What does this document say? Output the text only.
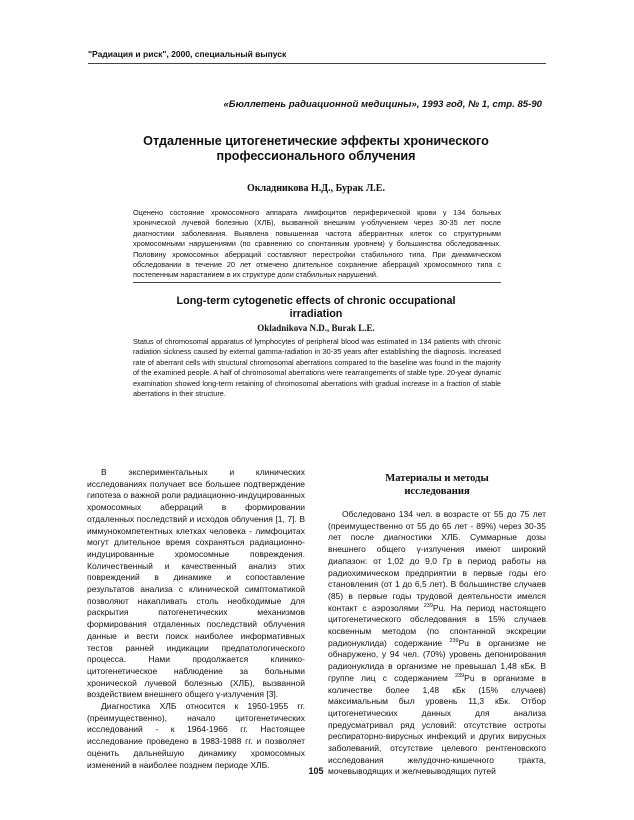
"Радиация и риск", 2000, специальный выпуск
«Бюллетень радиационной медицины», 1993 год, № 1, стр. 85-90
Отдаленные цитогенетические эффекты хронического
профессионального облучения
Окладникова Н.Д., Бурак Л.Е.
Оценено состояние хромосомного аппарата лимфоцитов периферической крови у 134 больных хронической лучевой болезнью (ХЛБ), вызванной внешним γ-облучением через 30-35 лет после диагностики заболевания. Выявлена повышенная частота аберрантных клеток со структурными хромосомными нарушениями (по сравнению со спонтанным уровнем) у большинства обследованных. Половину хромосомных аберраций составляют перестройки стабильного типа. При динамическом обследовании в течение 20 лет отмечено длительное сохранение аберраций хромосомного типа с постепенным нарастанием в их структуре доли стабильных нарушений.
Long-term cytogenetic effects of chronic occupational
irradiation
Okladnikova N.D., Burak L.E.
Status of chromosomal apparatus of lymphocytes of peripheral blood was estimated in 134 patients with chronic radiation sickness caused by external gamma-radiation in 30-35 years after establishing the diagnosis. Increased rate of aberrant cells with structural chromosomal aberrations compared to the baseline was found in the majority of the examined people. A half of chromosomal aberrations were rearrangements of stable type. 20-year dynamic examination showed long-term retaining of chromosomal aberrations with gradual increase in a fraction of stable aberrations in their structure.

В экспериментальных и клинических исследованиях получает все большее подтверждение гипотеза о важной роли радиационно-индуцированных хромосомных аберраций в формировании отдаленных последствий и исходов облучения [1, 7]. В иммунокомпетентных клетках человека - лимфоцитах могут длительное время сохраняться радиационно-индуцированные хромосомные повреждения. Количественный и качественный анализ этих повреждений в динамике и сопоставление результатов анализа с клинической симптоматикой позволяют накапливать столь необходимые для раскрытия патогенетических механизмов формирования отдаленных последствий облучения данные и вести поиск наиболее информативных тестов ранней индикации предпатологического процесса. Нами продолжается клинико-цитогенетическое наблюдение за больными хронической лучевой болезнью (ХЛБ), вызванной воздействием внешнего общего γ-излучения [3].

Диагностика ХЛБ относится к 1950-1955 гг. (преимущественно), начало цитогенетических исследований - к 1964-1966 гг. Настоящее исследование проведено в 1983-1988 гг. и позволяет оценить дальнейшую динамику хромосомных изменений в наиболее позднем периоде ХЛБ.

Материалы и методы
исследования

Обследовано 134 чел. в возрасте от 55 до 75 лет (преимущественно от 55 до 65 лет - 89%) через 30-35 лет после диагностики ХЛБ. Суммарные дозы внешнего общего γ-излучения имеют широкий диапазон: от 1,02 до 9,0 Гр в период работы на радиохимическом предприятии в первые годы его становления (от 1 до 6,5 лет). В большинстве случаев (85) в первые годы трудовой деятельности имелся контакт с аэрозолями $^{239}$Pu. На период настоящего цитогенетического обследования в 15% случаев косвенным методом (по спонтанной экскреции радионуклида) содержание $^{239}$Pu в организме не обнаружено, у 94 чел. (70%) уровень депонирования радионуклида в организме не превышал 1,48 кБк. В группе лиц с содержанием $^{239}$Pu в организме в количестве более 1,48 кБк (15% случаев) максимальным был уровень 11,3 кБк. Отбор цитогенетических данных для анализа предусматривал ряд условий: отсутствие остроты респираторно-вирусных инфекций и других вирусных заболеваний, отсутствие целевого рентгеновского исследования желудочно-кишечного тракта, мочевыводящих и желчевыводящих путей

105
